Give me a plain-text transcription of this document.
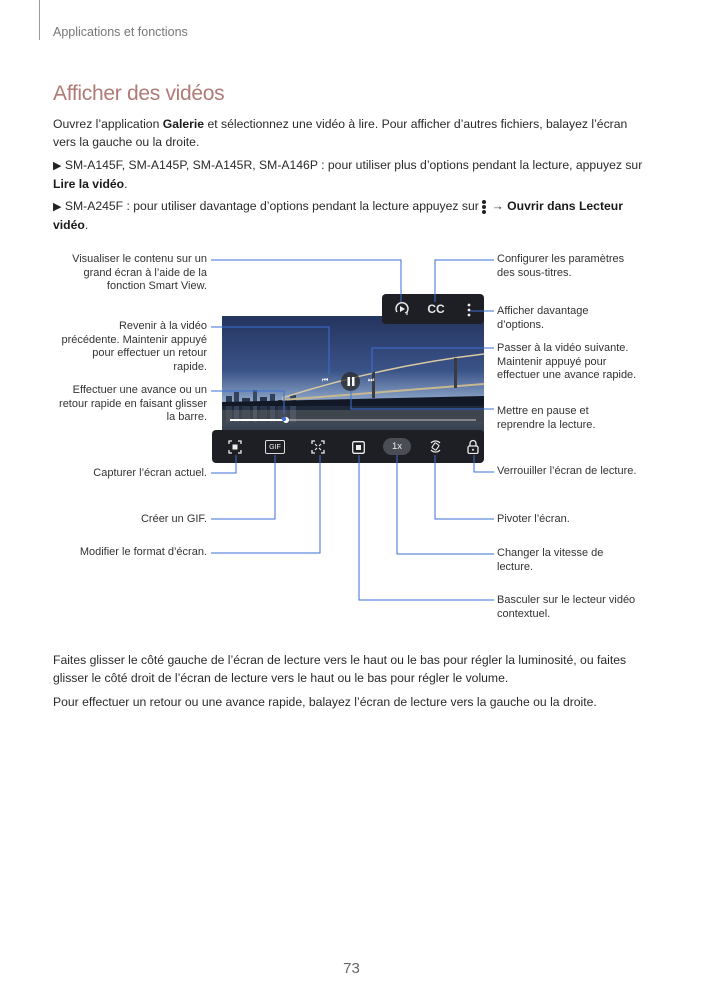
Applications et fonctions
Afficher des vidéos

Ouvrez l’application Galerie et sélectionnez une vidéo à lire. Pour afficher d’autres fichiers, balayez l’écran vers la gauche ou la droite.

▶ SM-A145F, SM-A145P, SM-A145R, SM-A146P : pour utiliser plus d’options pendant la lecture, appuyez sur Lire la vidéo.

▶ SM-A245F : pour utiliser davantage d’options pendant la lecture appuyez sur
→ Ouvrir dans Lecteur vidéo.

CC
⏮	⏭
GIF	1x
Visualiser le contenu sur un grand écran à l’aide de la fonction Smart View.
Revenir à la vidéo précédente. Maintenir appuyé pour effectuer un retour rapide.
Effectuer une avance ou un retour rapide en faisant glisser la barre.
Capturer l’écran actuel.
Créer un GIF.
Modifier le format d’écran.
Configurer les paramètres des sous-titres.
Afficher davantage d’options.
Passer à la vidéo suivante. Maintenir appuyé pour effectuer une avance rapide.
Mettre en pause et reprendre la lecture.
Verrouiller l’écran de lecture.
Pivoter l’écran.
Changer la vitesse de lecture.
Basculer sur le lecteur vidéo contextuel.

Faites glisser le côté gauche de l’écran de lecture vers le haut ou le bas pour régler la luminosité, ou faites glisser le côté droit de l’écran de lecture vers le haut ou le bas pour régler le volume.

Pour effectuer un retour ou une avance rapide, balayez l’écran de lecture vers la gauche ou la droite.

73
